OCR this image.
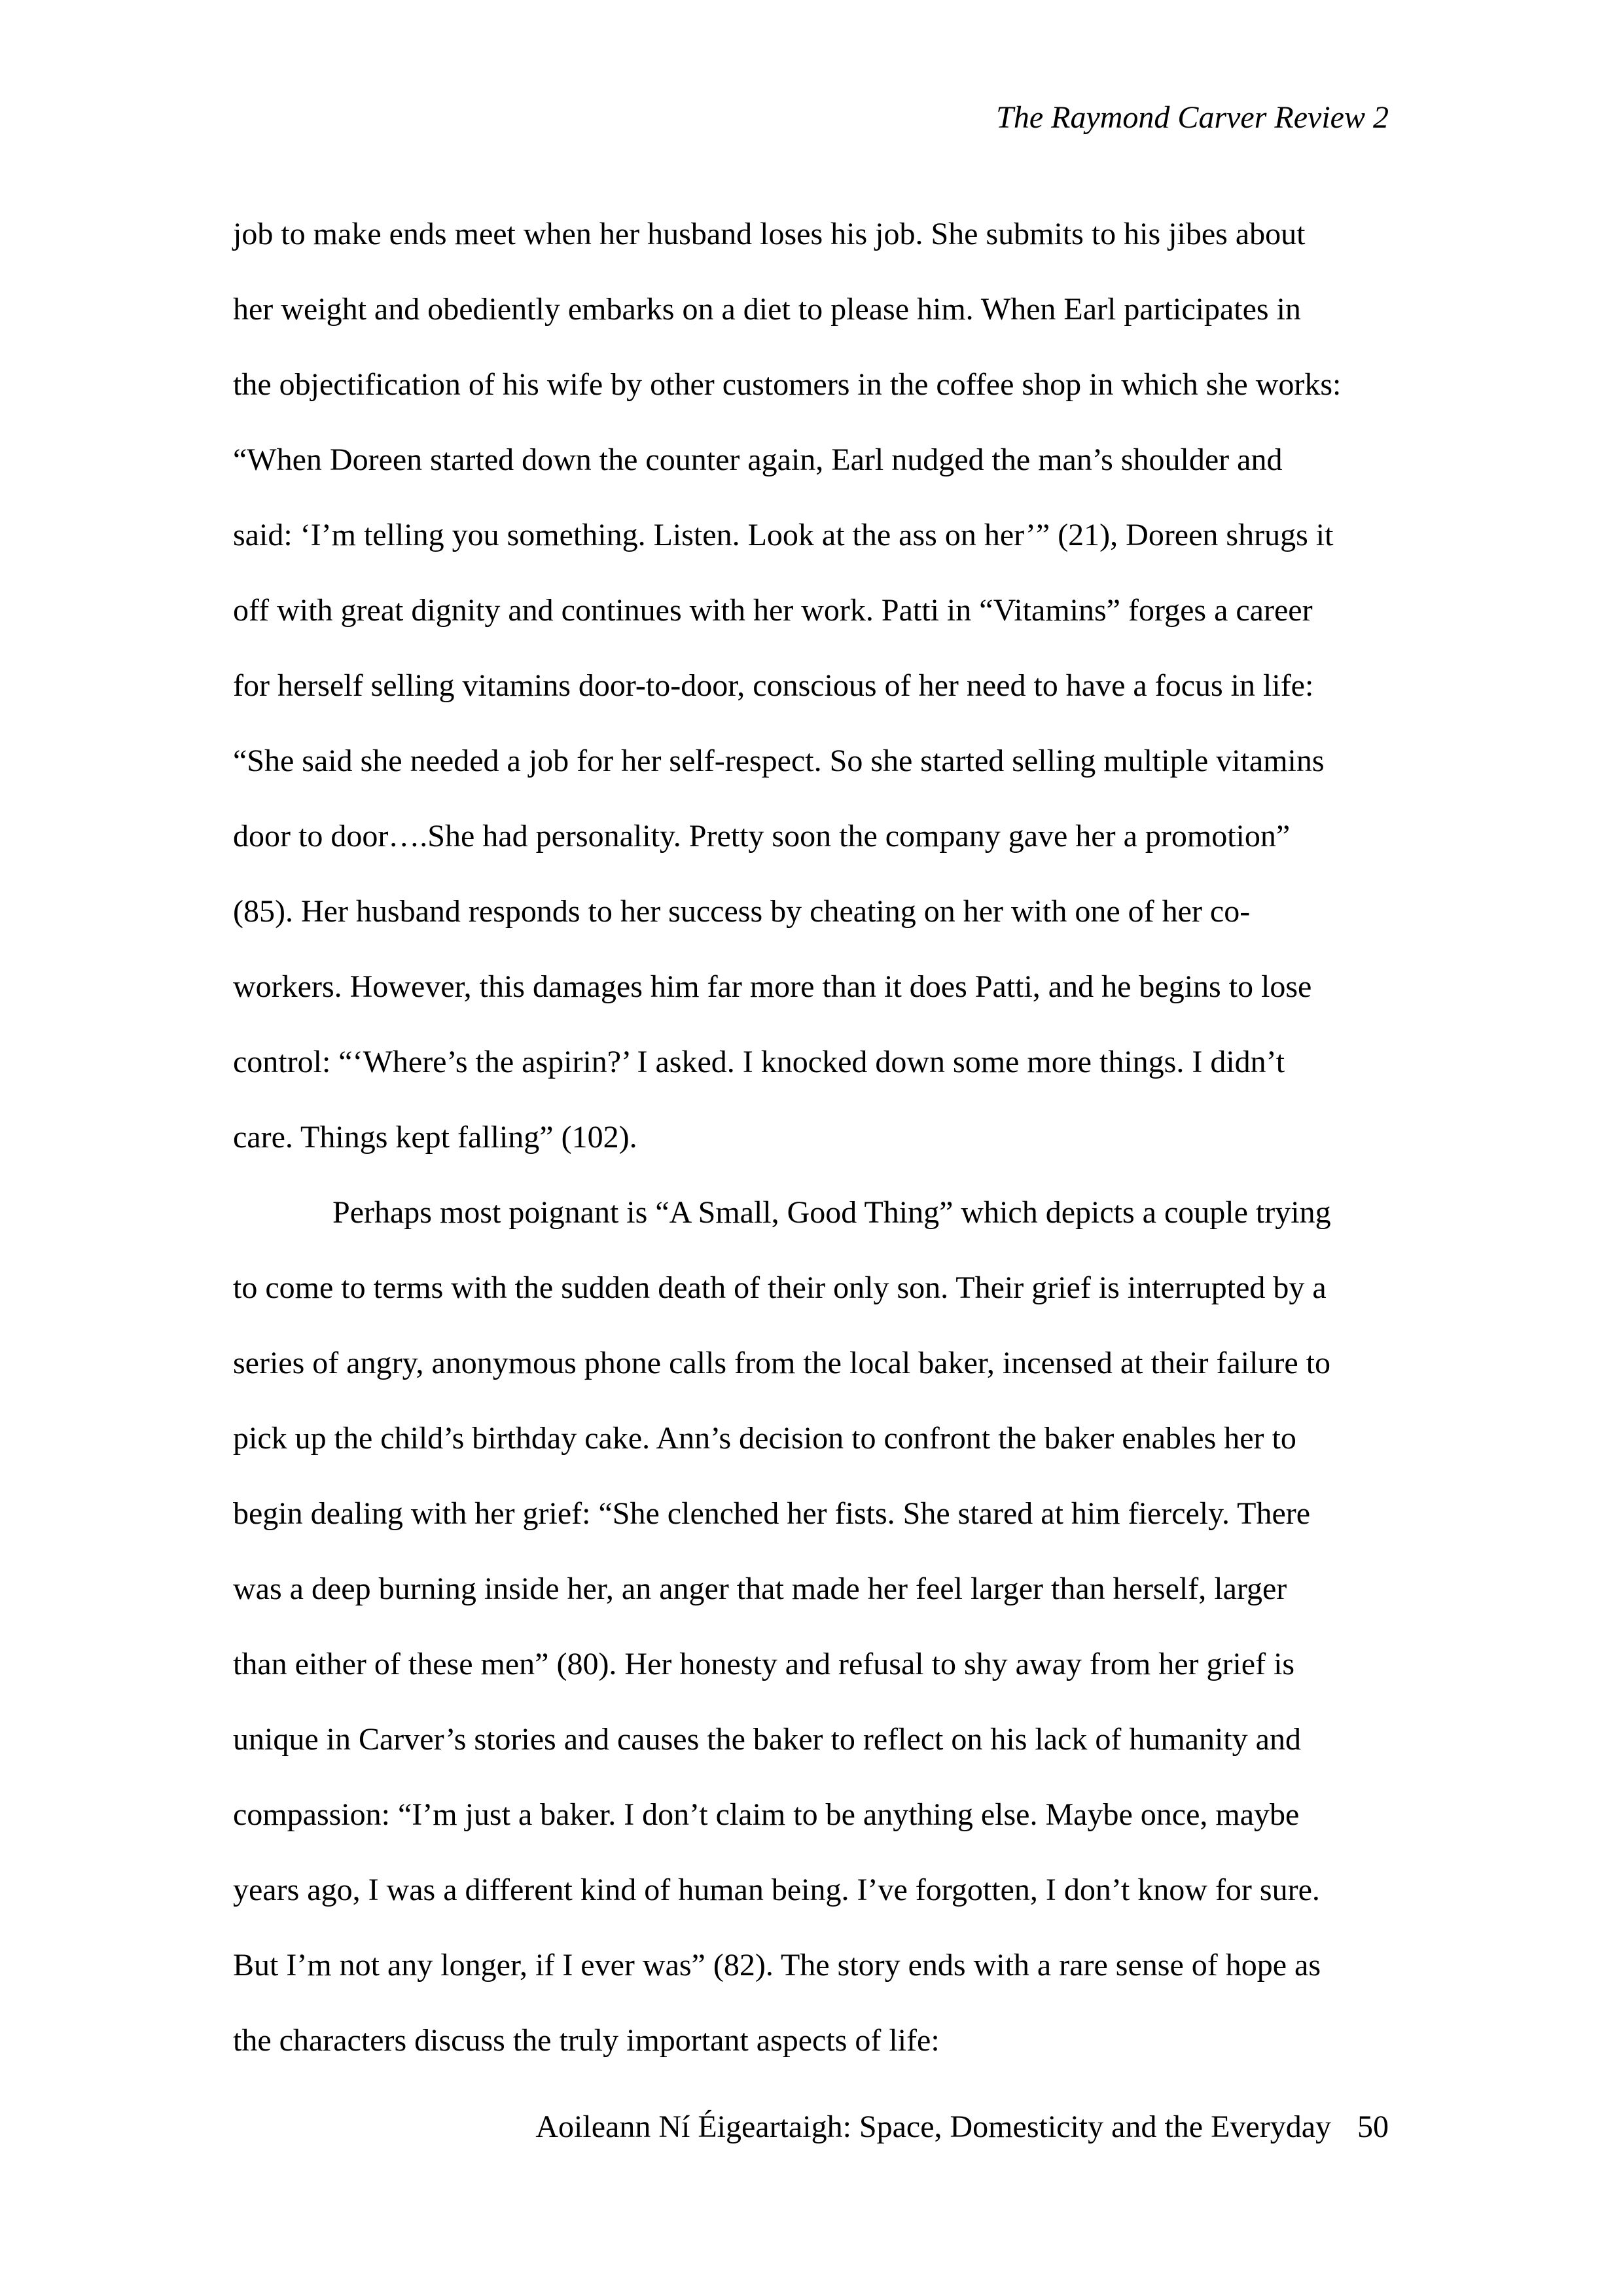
The Raymond Carver Review 2
job to make ends meet when her husband loses his job. She submits to his jibes about
her weight and obediently embarks on a diet to please him. When Earl participates in
the objectification of his wife by other customers in the coffee shop in which she works:
“When Doreen started down the counter again, Earl nudged the man’s shoulder and
said: ‘I’m telling you something. Listen. Look at the ass on her’” (21), Doreen shrugs it
off with great dignity and continues with her work. Patti in “Vitamins” forges a career
for herself selling vitamins door-to-door, conscious of her need to have a focus in life:
“She said she needed a job for her self-respect. So she started selling multiple vitamins
door to door….She had personality. Pretty soon the company gave her a promotion”
(85). Her husband responds to her success by cheating on her with one of her co-
workers. However, this damages him far more than it does Patti, and he begins to lose
control: “‘Where’s the aspirin?’ I asked. I knocked down some more things. I didn’t
care. Things kept falling” (102).
Perhaps most poignant is “A Small, Good Thing” which depicts a couple trying
to come to terms with the sudden death of their only son. Their grief is interrupted by a
series of angry, anonymous phone calls from the local baker, incensed at their failure to
pick up the child’s birthday cake. Ann’s decision to confront the baker enables her to
begin dealing with her grief: “She clenched her fists. She stared at him fiercely. There
was a deep burning inside her, an anger that made her feel larger than herself, larger
than either of these men” (80). Her honesty and refusal to shy away from her grief is
unique in Carver’s stories and causes the baker to reflect on his lack of humanity and
compassion: “I’m just a baker. I don’t claim to be anything else. Maybe once, maybe
years ago, I was a different kind of human being. I’ve forgotten, I don’t know for sure.
But I’m not any longer, if I ever was” (82). The story ends with a rare sense of hope as
the characters discuss the truly important aspects of life:
Aoileann Ní Éigeartaigh: Space, Domesticity and the Everyday 50
